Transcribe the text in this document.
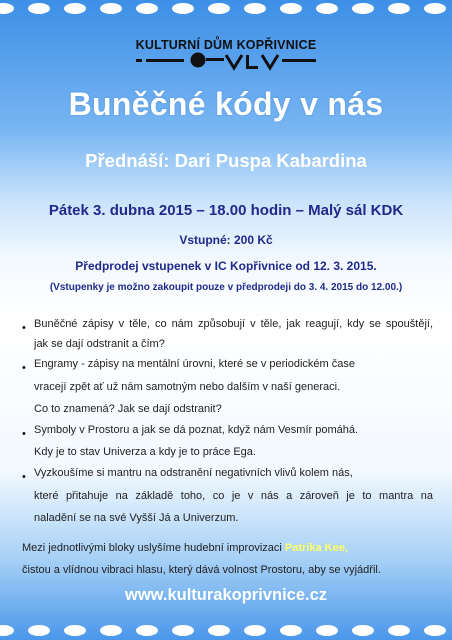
KULTURNÍ DŮM KOPŘIVNICE
Buněčné kódy v nás
Přednáší: Dari Puspa Kabardina
Pátek 3. dubna 2015 – 18.00 hodin – Malý sál KDK
Vstupné: 200 Kč
Předprodej vstupenek v IC Kopřivnice od 12. 3. 2015.
(Vstupenky je možno zakoupit pouze v předprodeji do 3. 4. 2015 do 12.00.)
• Buněčné zápisy v těle, co nám způsobují v těle, jak reagují, kdy se spouštějí,
jak se dají odstranit a čím?
• Engramy - zápisy na mentální úrovni, které se v periodickém čase
vracejí zpět ať už nám samotným nebo dalším v naší generaci.
Co to znamená? Jak se dají odstranit?
• Symboly v Prostoru a jak se dá poznat, když nám Vesmír pomáhá.
Kdy je to stav Univerza a kdy je to práce Ega.
• Vyzkoušíme si mantru na odstranění negativních vlivů kolem nás,
které přitahuje na základě toho, co je v nás a zároveň je to mantra na
naladění se na své Vyšší Já a Univerzum.
Mezi jednotlivými bloky uslyšíme hudební improvizaci Patrika Kee,
čistou a vlídnou vibraci hlasu, který dává volnost Prostoru, aby se vyjádřil.
www.kulturakoprivnice.cz
